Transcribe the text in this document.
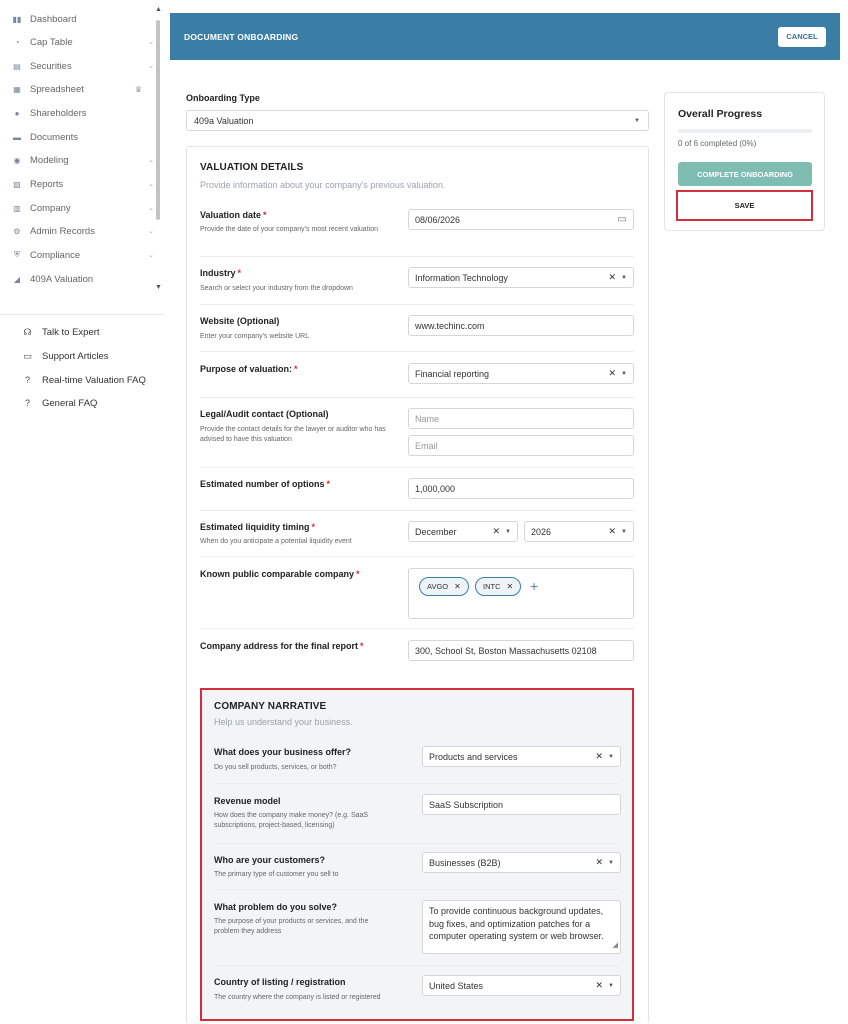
▮▮ Dashboard
◔ Cap Table	⌄
▤ Securities	⌄
▦ Spreadsheet	♛
● Shareholders
▬ Documents
◉ Modeling	⌄
▧ Reports	⌄
▥ Company	⌄
⚙ Admin Records	⌄
⛨ Compliance	⌄
◢ 409A Valuation
▲
▼
☊ Talk to Expert
▭ Support Articles
?	Real-time Valuation FAQ
?	General FAQ
DOCUMENT ONBOARDING	CANCEL
Onboarding Type
409a Valuation	▼
Overall Progress
0 of 6 completed (0%)
COMPLETE ONBOARDING
SAVE
VALUATION DETAILS
Provide information about your company's previous valuation.
Valuation date *
Provide the date of your company's most recent valuation
08/06/2026	▭
Industry *
Search or select your industry from the dropdown
Information Technology	✕ ▼
Website (Optional)
Enter your company's website URL
www.techinc.com
Purpose of valuation: *	Financial reporting	✕ ▼
Legal/Audit contact (Optional)
Provide the contact details for the lawyer or auditor who has advised to have this valuation
Name
Email
Estimated number of options *	1,000,000
Estimated liquidity timing *
When do you anticipate a potential liquidity event
December	✕ ▼ 2026	✕ ▼
Known public comparable company *
AVGO ✕	INTC ✕ +
Company address for the final report *	300, School St, Boston Massachusetts 02108
COMPANY NARRATIVE
Help us understand your business.
What does your business offer?
Do you sell products, services, or both?
Products and services	✕ ▼
Revenue model
How does the company make money? (e.g. SaaS subscriptions, project-based, licensing)
SaaS Subscription
Who are your customers?
The primary type of customer you sell to
Businesses (B2B)	✕ ▼
What problem do you solve?
The purpose of your products or services, and the problem they address
To provide continuous background updates, bug fixes, and optimization patches for a computer operating system or web browser.
◢
Country of listing / registration
The country where the company is listed or registered
United States	✕ ▼
